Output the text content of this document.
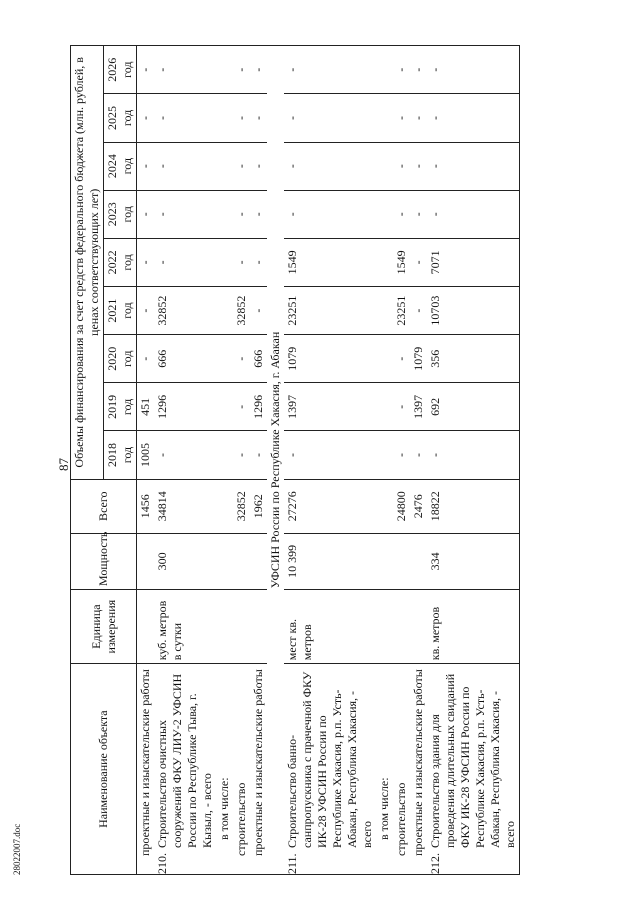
87
Наименование объекта	Единица измерения	Мощность	Всего	Объемы финансирования за счет средств федерального бюджета (млн. рублей, в ценах соответствующих лет)								
				2018 год	2019 год	2020 год	2021 год	2022 год	2023 год	2024 год	2025 год	2026 год
проектные и изыскательские работы			1456	1005	451	-	-	-	-	-	-	-
210.Строительство очистных сооружений ФКУ ЛИУ-2 УФСИН России по Республике Тыва, г. Кызыл, - всего	куб. метров в сутки	300	34814	-	1296	666	32852	-	-	-	-	-
в том числе:												
строительство			32852	-	-	-	32852	-	-	-	-	-
проектные и изыскательские работы			1962	-	1296	666	-	-	-	-	-	-
УФСИН России по Республике Хакасия, г. Абакан												
211.Строительство банно-санпропускника с прачечной ФКУ ИК-28 УФСИН России по Республике Хакасия, р.п. Усть-Абакан, Республика Хакасия, - всего	мест кв. метров	10 399	27276	-	1397	1079	23251	1549	-	-	-	-
в том числе:												
строительство			24800	-	-	-	23251	1549	-	-	-	-
проектные и изыскательские работы			2476	-	1397	1079	-	-	-	-	-	-
212.Строительство здания для проведения длительных свиданий ФКУ ИК-28 УФСИН России по Республике Хакасия, р.п. Усть-Абакан, Республика Хакасия, - всего	кв. метров	334	18822	-	692	356	10703	7071	-	-	-	-
28022007.doc
